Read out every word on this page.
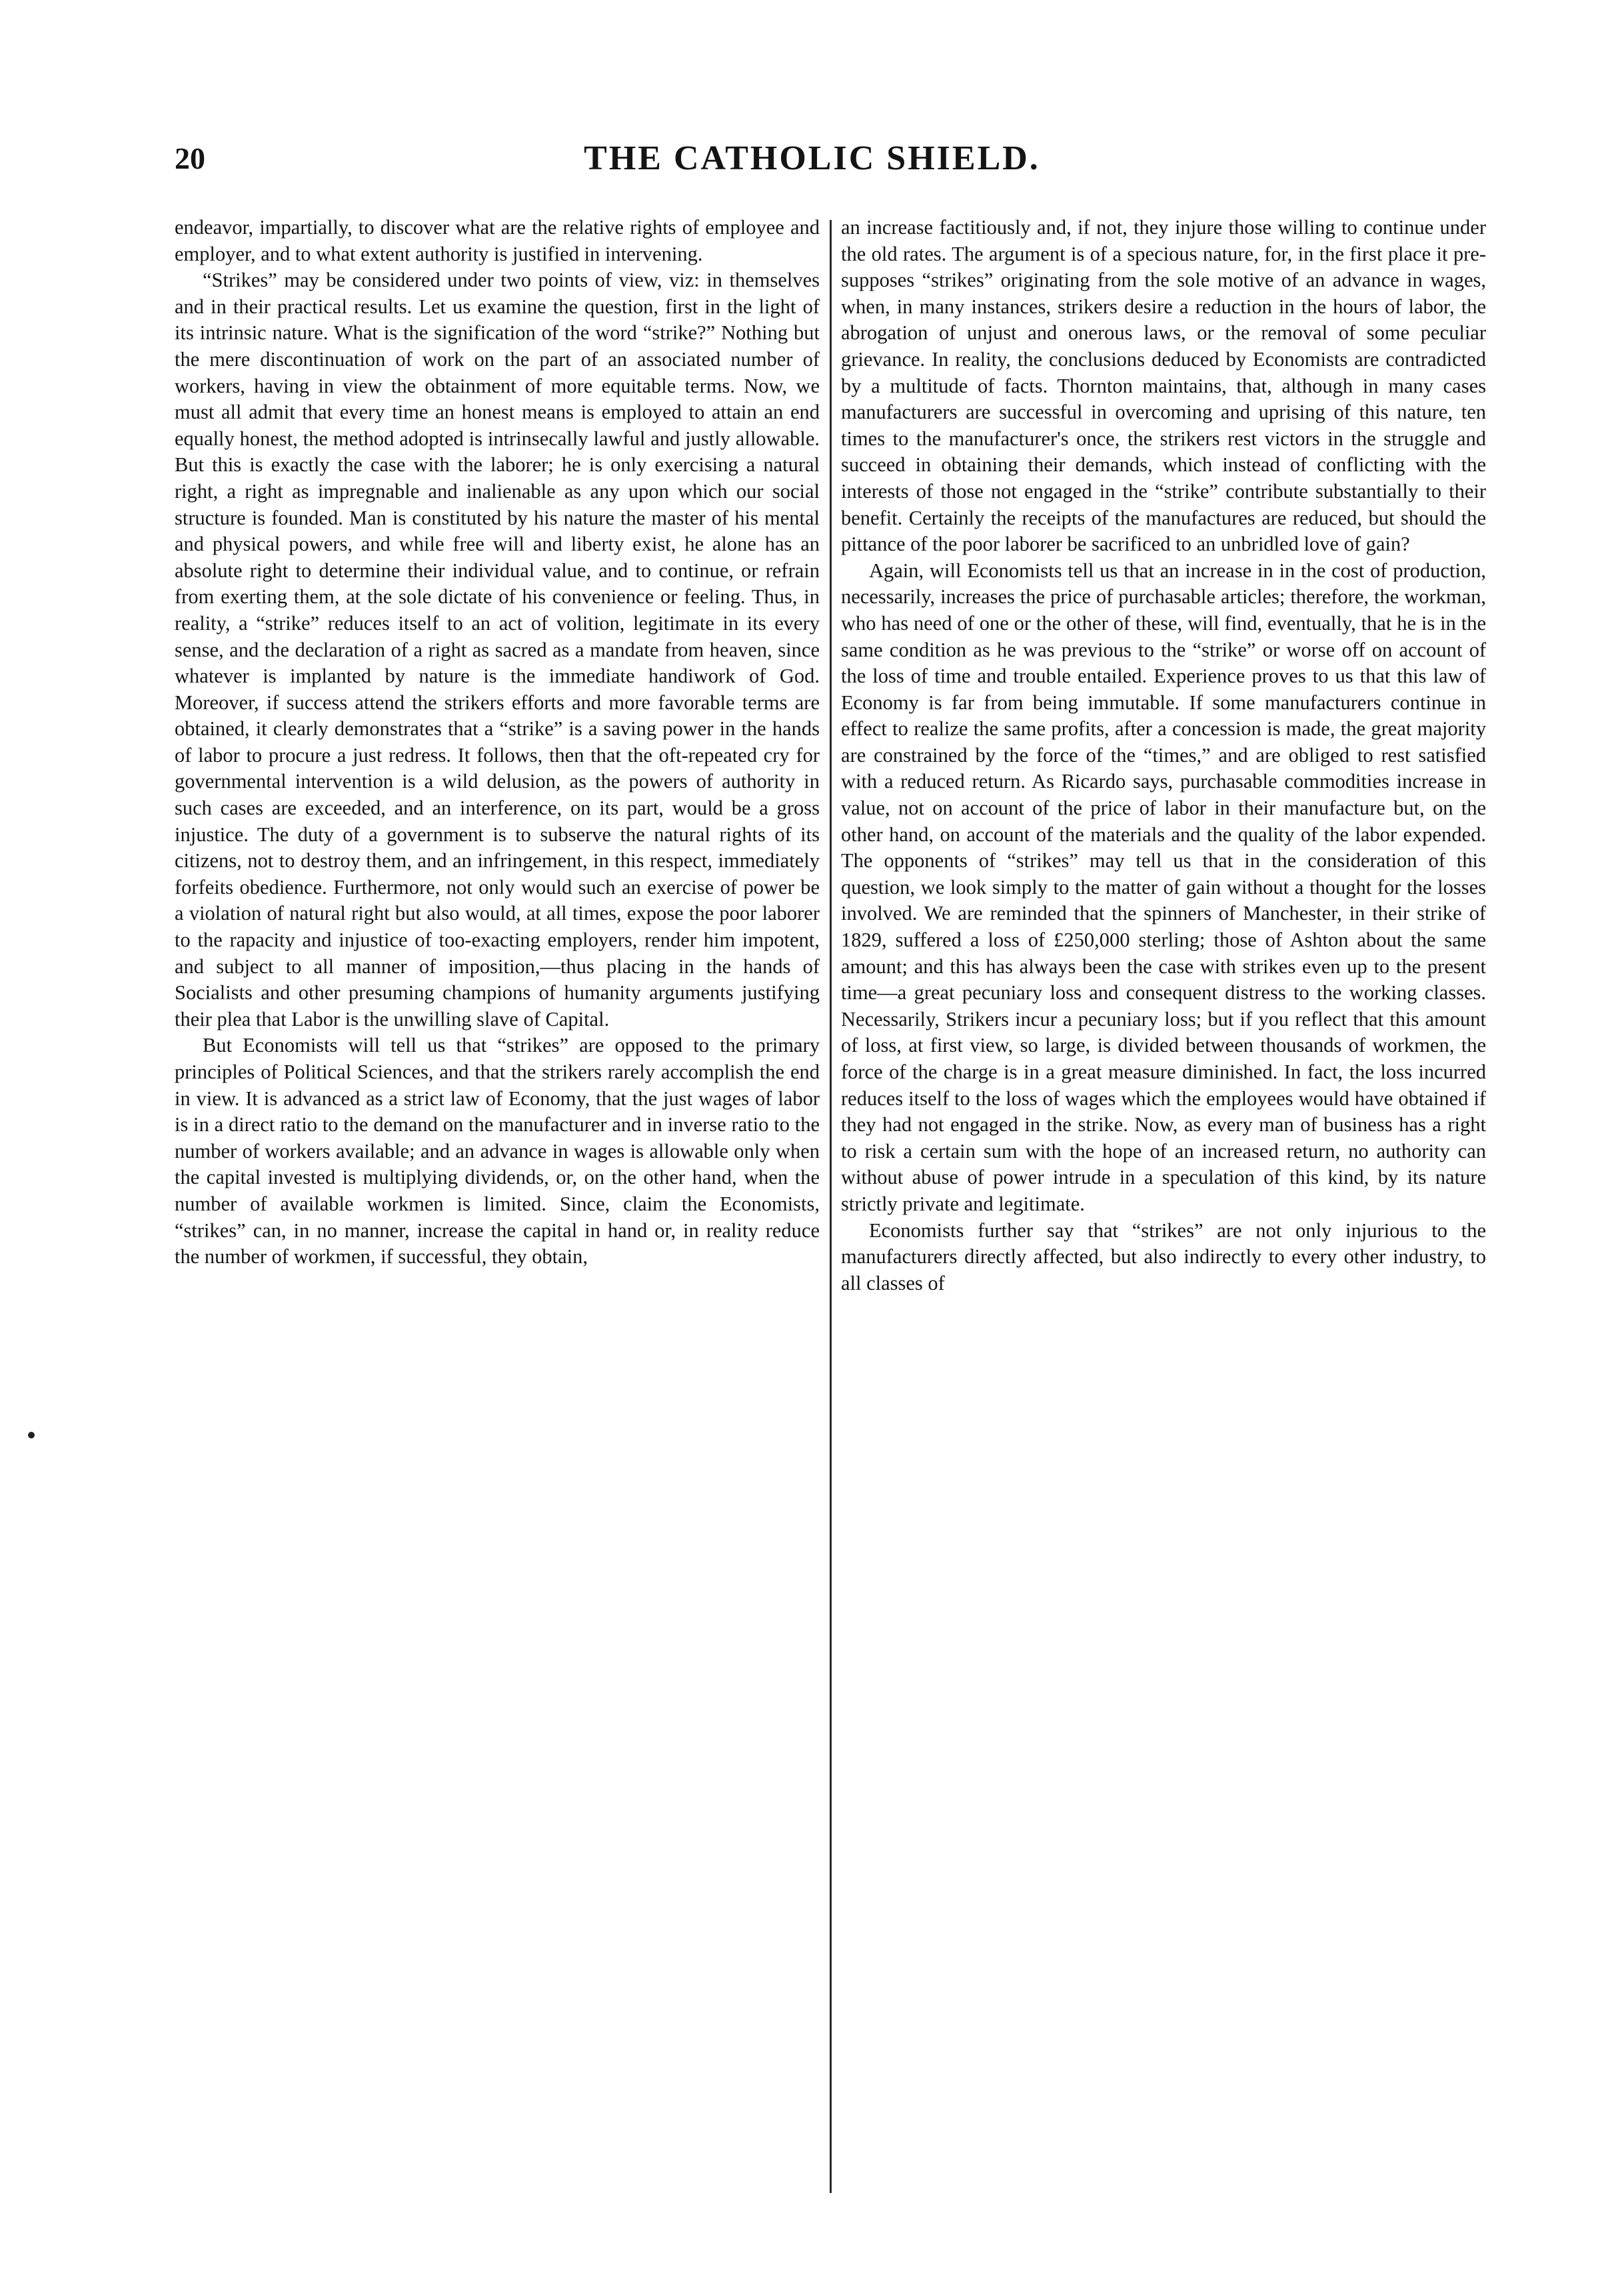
20	THE CATHOLIC SHIELD.

endeavor, impartially, to discover what are the relative rights of employee and employer, and to what extent authority is justified in intervening.

“Strikes” may be considered under two points of view, viz: in themselves and in their practical results. Let us examine the question, first in the light of its intrinsic nature. What is the signification of the word “strike?” Nothing but the mere discontinuation of work on the part of an associated number of workers, having in view the obtainment of more equitable terms. Now, we must all admit that every time an honest means is employed to attain an end equally honest, the method adopted is intrinsecally lawful and justly allowable. But this is exactly the case with the laborer; he is only exercising a natural right, a right as impregnable and inalienable as any upon which our social structure is founded. Man is constituted by his nature the master of his mental and physical powers, and while free will and liberty exist, he alone has an absolute right to determine their individual value, and to continue, or refrain from exerting them, at the sole dictate of his convenience or feeling. Thus, in reality, a “strike” reduces itself to an act of volition, legitimate in its every sense, and the declaration of a right as sacred as a mandate from heaven, since whatever is implanted by nature is the immediate handiwork of God. Moreover, if success attend the strikers efforts and more favorable terms are obtained, it clearly demonstrates that a “strike” is a saving power in the hands of labor to procure a just redress. It follows, then that the oft-repeated cry for governmental intervention is a wild delusion, as the powers of authority in such cases are exceeded, and an interference, on its part, would be a gross injustice. The duty of a government is to subserve the natural rights of its citizens, not to destroy them, and an infringement, in this respect, immediately forfeits obedience. Furthermore, not only would such an exercise of power be a violation of natural right but also would, at all times, expose the poor laborer to the rapacity and injustice of too-exacting employers, render him impotent, and subject to all manner of imposition,—thus placing in the hands of Socialists and other presuming champions of humanity arguments justifying their plea that Labor is the unwilling slave of Capital.

But Economists will tell us that “strikes” are opposed to the primary principles of Political Sciences, and that the strikers rarely accomplish the end in view. It is advanced as a strict law of Economy, that the just wages of labor is in a direct ratio to the demand on the manufacturer and in inverse ratio to the number of workers available; and an advance in wages is allowable only when the capital invested is multiplying dividends, or, on the other hand, when the number of available workmen is limited. Since, claim the Economists, “strikes” can, in no manner, increase the capital in hand or, in reality reduce the number of workmen, if successful, they obtain,

an increase factitiously and, if not, they injure those willing to continue under the old rates. The argument is of a specious nature, for, in the first place it pre-supposes “strikes” originating from the sole motive of an advance in wages, when, in many instances, strikers desire a reduction in the hours of labor, the abrogation of unjust and onerous laws, or the removal of some peculiar grievance. In reality, the conclusions deduced by Economists are contradicted by a multitude of facts. Thornton maintains, that, although in many cases manufacturers are successful in overcoming and uprising of this nature, ten times to the manufacturer's once, the strikers rest victors in the struggle and succeed in obtaining their demands, which instead of conflicting with the interests of those not engaged in the “strike” contribute substantially to their benefit. Certainly the receipts of the manufactures are reduced, but should the pittance of the poor laborer be sacrificed to an unbridled love of gain?

Again, will Economists tell us that an increase in in the cost of production, necessarily, increases the price of purchasable articles; therefore, the workman, who has need of one or the other of these, will find, eventually, that he is in the same condition as he was previous to the “strike” or worse off on account of the loss of time and trouble entailed. Experience proves to us that this law of Economy is far from being immutable. If some manufacturers continue in effect to realize the same profits, after a concession is made, the great majority are constrained by the force of the “times,” and are obliged to rest satisfied with a reduced return. As Ricardo says, purchasable commodities increase in value, not on account of the price of labor in their manufacture but, on the other hand, on account of the materials and the quality of the labor expended. The opponents of “strikes” may tell us that in the consideration of this question, we look simply to the matter of gain without a thought for the losses involved. We are reminded that the spinners of Manchester, in their strike of 1829, suffered a loss of £250,000 sterling; those of Ashton about the same amount; and this has always been the case with strikes even up to the present time—a great pecuniary loss and consequent distress to the working classes. Necessarily, Strikers incur a pecuniary loss; but if you reflect that this amount of loss, at first view, so large, is divided between thousands of workmen, the force of the charge is in a great measure diminished. In fact, the loss incurred reduces itself to the loss of wages which the employees would have obtained if they had not engaged in the strike. Now, as every man of business has a right to risk a certain sum with the hope of an increased return, no authority can without abuse of power intrude in a speculation of this kind, by its nature strictly private and legitimate.

Economists further say that “strikes” are not only injurious to the manufacturers directly affected, but also indirectly to every other industry, to all classes of
